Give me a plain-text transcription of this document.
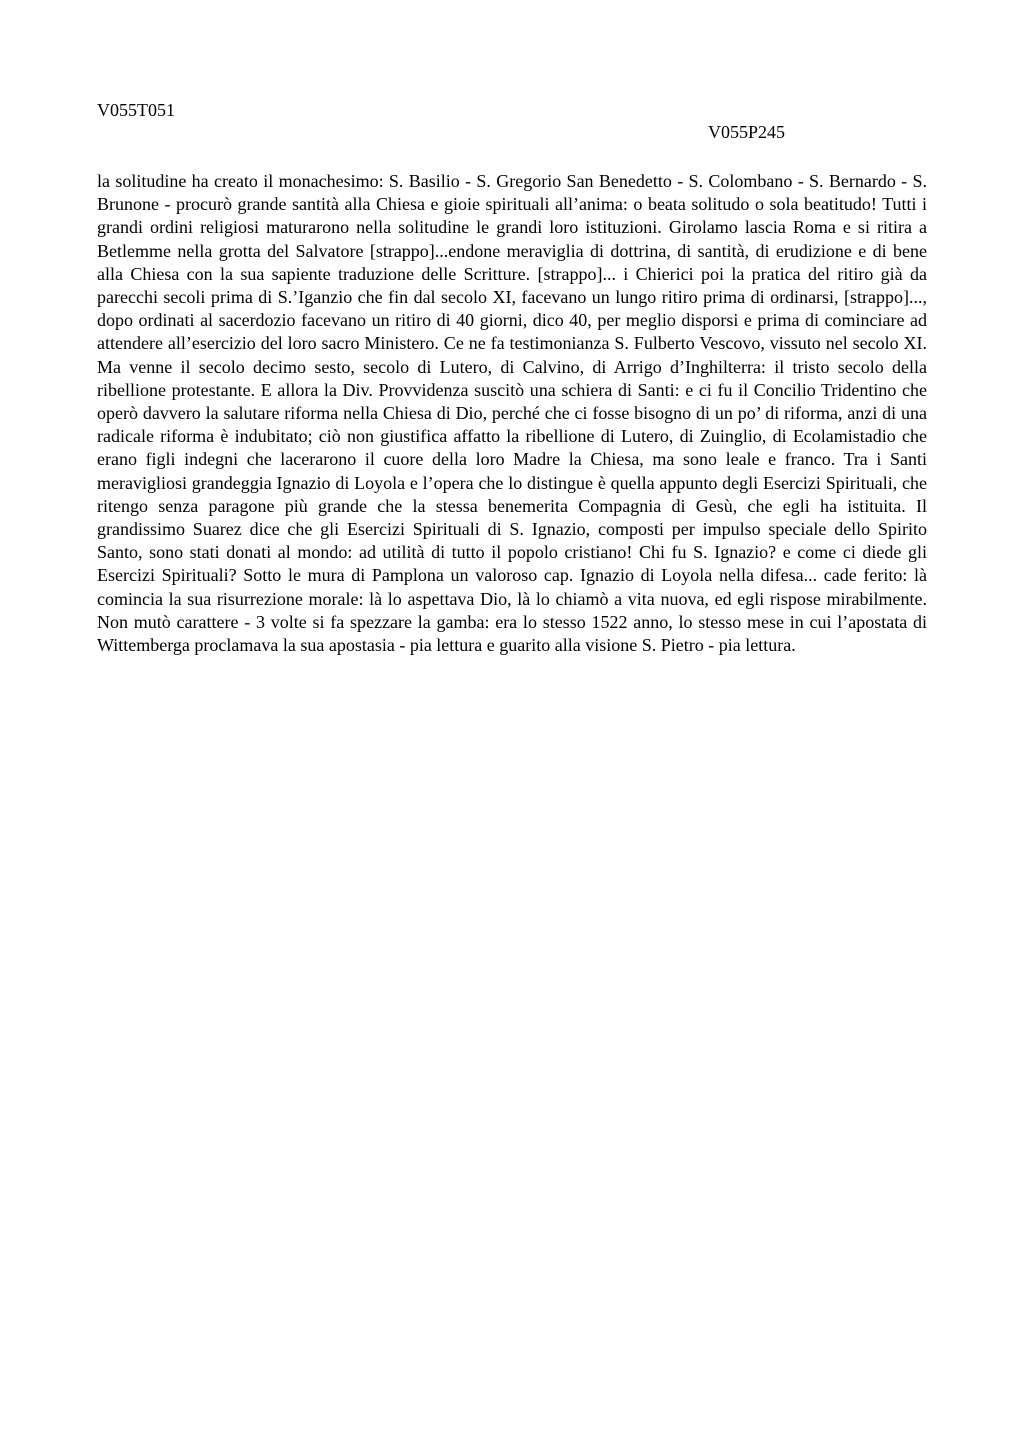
V055T051
V055P245

la solitudine ha creato il monachesimo: S. Basilio - S. Gregorio San Benedetto - S. Colombano - S. Bernardo - S. Brunone - procurò grande santità alla Chiesa e gioie spirituali all’anima: o beata solitudo o sola beatitudo! Tutti i grandi ordini religiosi maturarono nella solitudine le grandi loro istituzioni. Girolamo lascia Roma e si ritira a Betlemme nella grotta del Salvatore [strappo]...endone meraviglia di dottrina, di santità, di erudizione e di bene alla Chiesa con la sua sapiente traduzione delle Scritture. [strappo]... i Chierici poi la pratica del ritiro già da parecchi secoli prima di S.’Iganzio che fin dal secolo XI, facevano un lungo ritiro prima di ordinarsi, [strappo]..., dopo ordinati al sacerdozio facevano un ritiro di 40 giorni, dico 40, per meglio disporsi e prima di cominciare ad attendere all’esercizio del loro sacro Ministero. Ce ne fa testimonianza S. Fulberto Vescovo, vissuto nel secolo XI. Ma venne il secolo decimo sesto, secolo di Lutero, di Calvino, di Arrigo d’Inghilterra: il tristo secolo della ribellione protestante. E allora la Div. Provvidenza suscitò una schiera di Santi: e ci fu il Concilio Tridentino che operò davvero la salutare riforma nella Chiesa di Dio, perché che ci fosse bisogno di un po’ di riforma, anzi di una radicale riforma è indubitato; ciò non giustifica affatto la ribellione di Lutero, di Zuinglio, di Ecolamistadio che erano figli indegni che lacerarono il cuore della loro Madre la Chiesa, ma sono leale e franco. Tra i Santi meravigliosi grandeggia Ignazio di Loyola e l’opera che lo distingue è quella appunto degli Esercizi Spirituali, che ritengo senza paragone più grande che la stessa benemerita Compagnia di Gesù, che egli ha istituita. Il grandissimo Suarez dice che gli Esercizi Spirituali di S. Ignazio, composti per impulso speciale dello Spirito Santo, sono stati donati al mondo: ad utilità di tutto il popolo cristiano! Chi fu S. Ignazio? e come ci diede gli Esercizi Spirituali? Sotto le mura di Pamplona un valoroso cap. Ignazio di Loyola nella difesa... cade ferito: là comincia la sua risurrezione morale: là lo aspettava Dio, là lo chiamò a vita nuova, ed egli rispose mirabilmente. Non mutò carattere - 3 volte si fa spezzare la gamba: era lo stesso 1522 anno, lo stesso mese in cui l’apostata di Wittemberga proclamava la sua apostasia - pia lettura e guarito alla visione S. Pietro - pia lettura.
